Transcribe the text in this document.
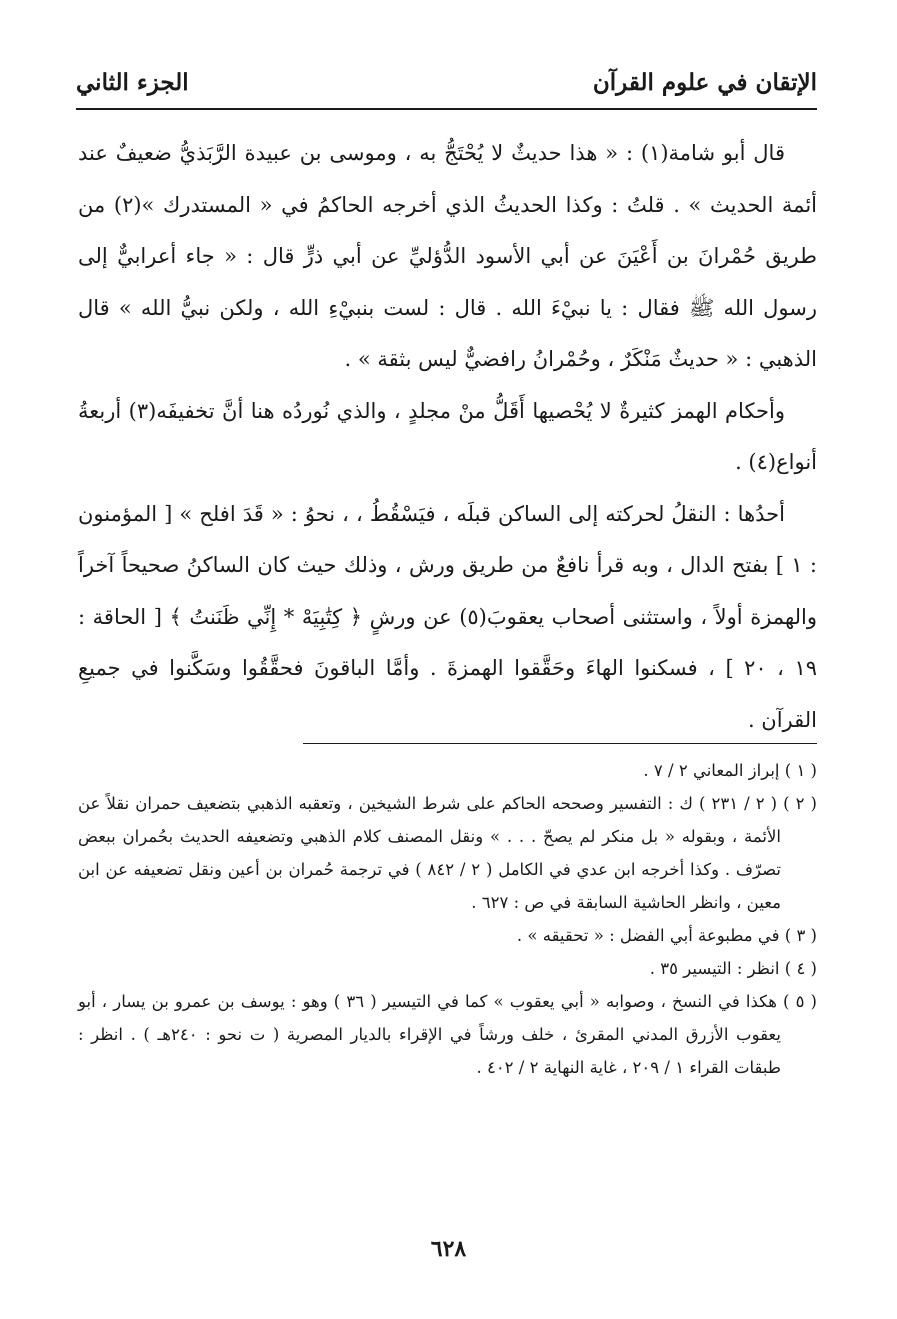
الإتقان في علوم القرآن
الجزء الثاني

قال أبو شامة(١) : « هذا حديثٌ لا يُحْتَجُّ به ، وموسى بن عبيدة الرَّبَذيُّ ضعيفٌ عند أئمة الحديث » . قلتُ : وكذا الحديثُ الذي أخرجه الحاكمُ في « المستدرك »(٢) من طريق حُمْرانَ بن أَعْيَنَ عن أبي الأسود الدُّؤليِّ عن أبي ذرٍّ قال : « جاء أعرابيٌّ إلى رسول الله ﷺ فقال : يا نبيْءَ الله . قال : لست بنبيْءِ الله ، ولكن نبيُّ الله » قال الذهبي : « حديثٌ مَنْكَرٌ ، وحُمْرانُ رافضيٌّ ليس بثقة » .

وأحكام الهمز كثيرةٌ لا يُحْصيها أَقَلُّ منْ مجلدٍ ، والذي نُوردُه هنا أنَّ تخفيفَه(٣) أربعةُ أنواع(٤) .

أحدُها : النقلُ لحركته إلى الساكن قبلَه ، فيَسْقُطُ ، ، نحوُ : « قَدَ افلح » [ المؤمنون : ١ ] بفتح الدال ، وبه قرأ نافعٌ من طريق ورش ، وذلك حيث كان الساكنُ صحيحاً آخراً والهمزة أولاً ، واستثنى أصحاب يعقوبَ(٥) عن ورشٍ ﴿ كِتَٰبِيَهْ * إِنِّي ظَنَنتُ ﴾ [ الحاقة : ١٩ ، ٢٠ ] ، فسكنوا الهاءَ وحَقَّقوا الهمزةَ . وأمَّا الباقونَ فحقَّقُوا وسَكَّنوا في جميعِ القرآن .

( ١ ) إبراز المعاني ٢ / ٧ .

( ٢ ) ( ٢ / ٢٣١ ) ك : التفسير وصححه الحاكم على شرط الشيخين ، وتعقبه الذهبي بتضعيف حمران نقلاً عن الأئمة ، وبقوله « بل منكر لم يصحّ . . . » ونقل المصنف كلام الذهبي وتضعيفه الحديث بحُمران ببعض تصرّف . وكذا أخرجه ابن عدي في الكامل ( ٢ / ٨٤٢ ) في ترجمة حُمران بن أعين ونقل تضعيفه عن ابن معين ، وانظر الحاشية السابقة في ص : ٦٢٧ .

( ٣ ) في مطبوعة أبي الفضل : « تحقيقه » .

( ٤ ) انظر : التيسير ٣٥ .

( ٥ ) هكذا في النسخ ، وصوابه « أبي يعقوب » كما في التيسير ( ٣٦ ) وهو : يوسف بن عمرو بن يسار ، أبو يعقوب الأزرق المدني المقرئ ، خلف ورشاً في الإقراء بالديار المصرية ( ت نحو : ٢٤٠هـ ) . انظر : طبقات القراء ١ / ٢٠٩ ، غاية النهاية ٢ / ٤٠٢ .

٦٢٨
